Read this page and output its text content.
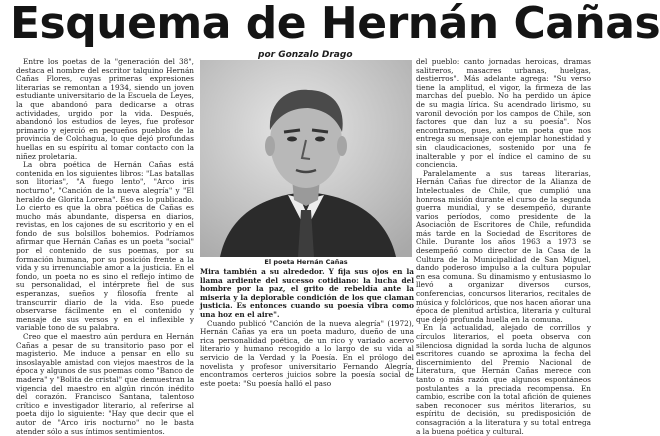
Esquema de Hernán Cañas
por Gonzalo Drago

Entre los poetas de la "generación del 38", destaca el nombre del escritor talquino Hernán Cañas Flores, cuyas primeras expresiones literarias se remontan a 1934, siendo un joven estudiante universitario de la Escuela de Leyes, la que abandonó para dedicarse a otras actividades, urgido por la vida. Después, abandonó los estudios de leyes, fue profesor primario y ejerció en pequeños pueblos de la provincia de Colchagua, lo que dejó profundas huellas en su espíritu al tomar contacto con la niñez proletaria.

La obra poética de Hernán Cañas está contenida en los siguientes libros: "Las batallas son litorias", "A fuego lento", "Arco iris nocturno", "Canción de la nueva alegría" y "El heraldo de Glorita Lorena". Eso es lo publicado. Lo cierto es que la obra poética de Cañas es mucho más abundante, dispersa en diarios, revistas, en los cajones de su escritorio y en el fondo de sus bolsillos bohemios. Podríamos afirmar que Hernán Cañas es un poeta "social" por el contenido de sus poemas, por su formación humana, por su posición frente a la vida y su irrenunciable amor a la justicia. En el fondo, un poeta no es sino el reflejo íntimo de su personalidad, el intérprete fiel de sus esperanzas, sueños y filosofía frente al transcurrir diario de la vida. Eso puede observarse fácilmente en el contenido y mensaje de sus versos y en el inflexible y variable tono de su palabra.

Creo que el maestro aún perdura en Hernán Cañas a pesar de su transitorio paso por el magisterio. Me induce a pensar en ello su insoslayable amistad con viejos maestros de la época y algunos de sus poemas como "Banco de madera" y "Bolita de cristal" que demuestran la vigencia del maestro en algún rincón inédito del corazón. Francisco Santana, talentoso crítico e investigador literario, al referirse al poeta dijo lo siguiente: "Hay que decir que el autor de "Arco iris nocturno" no le basta atender sólo a sus íntimos sentimientos.

El poeta Hernán Cañas

Mira también a su alrededor. Y fija sus ojos en la llama ardiente del sucesso cotidiano: la lucha del hombre por la paz, el grito de rebeldía ante la miseria y la deplorable condición de los que claman justicia. Es entonces cuando su poesía vibra como una hoz en el aire".

Cuando publicó "Canción de la nueva alegría" (1972), Hernán Cañas ya era un poeta maduro, dueño de una rica personalidad poética, de un rico y variado acervo literario y humano recogido a lo largo de su vida al servicio de la Verdad y la Poesía. En el prólogo del novelista y profesor universitario Fernando Alegría, encontramos certeros juicios sobre la poesía social de este poeta: "Su poesía halló el paso

del pueblo: canto jornadas heroicas, dramas salitreros, masacres urbanas, huelgas, destierros". Más adelante agrega: "Su verso tiene la amplitud, el vigor, la firmeza de las marchas del pueblo. No ha perdido un ápice de su magia lírica. Su acendrado lirismo, su varonil devoción por los campos de Chile, son factores que dan luz a su poesía". Nos encontramos, pues, ante un poeta que nos entrega su mensaje con ejemplar honestidad y sin claudicaciones, sostenido por una fe inalterable y por el índice el camino de su conciencia.

Paralelamente a sus tareas literarias, Hernán Cañas fue director de la Alianza de Intelectuales de Chile, que cumplió una honrosa misión durante el curso de la segunda guerra mundial, y se desempeñó, durante varios períodos, como presidente de la Asociación de Escritores de Chile, refundida más tarde en la Sociedad de Escritores de Chile. Durante los años 1963 a 1973 se desempeñó como director de la Casa de la Cultura de la Municipalidad de San Miguel, dando poderoso impulso a la cultura popular en esa comuna. Su dinamismo y entusiasmo lo llevó a organizar diversos cursos, conferencias, concursos literarios, recitales de música y folclóricos, que nos hacen añorar una época de plenitud artística, literaria y cultural que dejó profunda huella en la comuna.

En la actualidad, alejado de corrillos y círculos literarios, el poeta observa con silenciosa dignidad la sorda lucha de algunos escritores cuando se aproxima la fecha del discernimiento del Premio Nacional de Literatura, que Hernán Cañas merece con tanto o más razón que algunos espontáneos postulantes a la preciada recompensa. En cambio, escribe con la total afición de quienes saben reconocer sus méritos literarios, su espíritu de decisión, su predisposición de consagración a la literatura y su total entrega a la buena poética y cultural.
